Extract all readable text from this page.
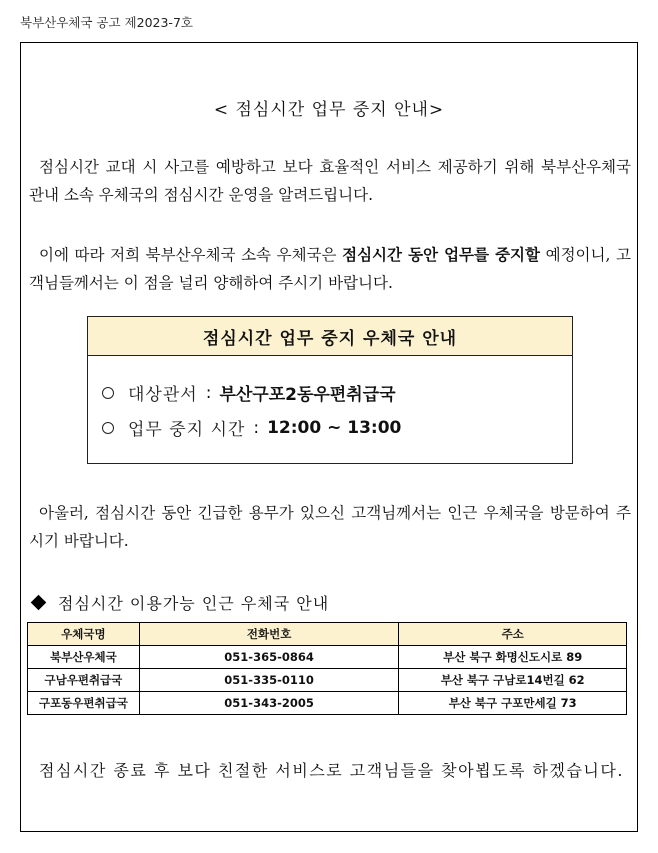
북부산우체국 공고 제2023-7호
< 점심시간 업무 중지 안내>
점심시간 교대 시 사고를 예방하고 보다 효율적인 서비스 제공하기 위해 북부산우체국 관내 소속 우체국의 점심시간 운영을 알려드립니다.
이에 따라 저희 북부산우체국 소속 우체국은 점심시간 동안 업무를 중지할 예정이니, 고객님들께서는 이 점을 널리 양해하여 주시기 바랍니다.
점심시간 업무 중지 우체국 안내
대상관서 : 부산구포2동우편취급국
업무 중지 시간 : 12:00 ~ 13:00
아울러, 점심시간 동안 긴급한 용무가 있으신 고객님께서는 인근 우체국을 방문하여 주시기 바랍니다.
점심시간 이용가능 인근 우체국 안내
우체국명	전화번호	주소
북부산우체국	051-365-0864	부산 북구 화명신도시로 89
구남우편취급국	051-335-0110	부산 북구 구남로14번길 62
구포동우편취급국	051-343-2005	부산 북구 구포만세길 73
점심시간 종료 후 보다 친절한 서비스로 고객님들을 찾아뵙도록 하겠습니다.
